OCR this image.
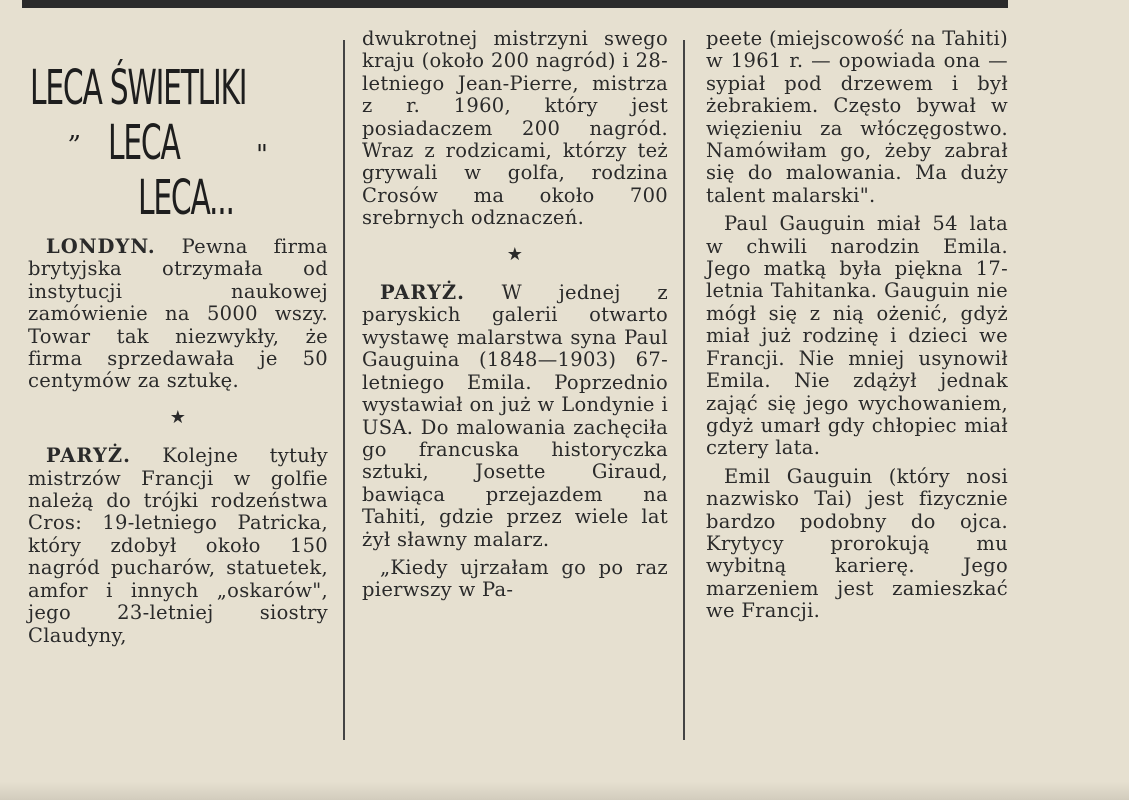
LECA ŚWIETLIKI
„ LECA	"
LECA...

LONDYN. Pewna firma brytyjska otrzymała od instytucji naukowej zamówienie na 5000 wszy. Towar tak niezwykły, że firma sprzedawała je 50 centymów za sztukę.

★

PARYŻ. Kolejne tytuły mistrzów Francji w golfie należą do trójki rodzeństwa Cros: 19-letniego Patricka, który zdobył około 150 nagród pucharów, statuetek, amfor i innych „oskarów", jego 23-letniej siostry Claudyny,

dwukrotnej mistrzyni swego kraju (około 200 nagród) i 28-letniego Jean-Pierre, mistrza z r. 1960, który jest posiadaczem 200 nagród. Wraz z rodzicami, którzy też grywali w golfa, rodzina Crosów ma około 700 srebrnych odznaczeń.

★

PARYŻ. W jednej z paryskich galerii otwarto wystawę malarstwa syna Paul Gauguina (1848—1903) 67-letniego Emila. Poprzednio wystawiał on już w Londynie i USA. Do malowania zachęciła go francuska historyczka sztuki, Josette Giraud, bawiąca przejazdem na Tahiti, gdzie przez wiele lat żył sławny malarz.

„Kiedy ujrzałam go po raz pierwszy w Pa-

peete (miejscowość na Tahiti) w 1961 r. — opowiada ona — sypiał pod drzewem i był żebrakiem. Często bywał w więzieniu za włóczęgostwo. Namówiłam go, żeby zabrał się do malowania. Ma duży talent malarski".

Paul Gauguin miał 54 lata w chwili narodzin Emila. Jego matką była piękna 17-letnia Tahitanka. Gauguin nie mógł się z nią ożenić, gdyż miał już rodzinę i dzieci we Francji. Nie mniej usynowił Emila. Nie zdążył jednak zająć się jego wychowaniem, gdyż umarł gdy chłopiec miał cztery lata.

Emil Gauguin (który nosi nazwisko Tai) jest fizycznie bardzo podobny do ojca. Krytycy prorokują mu wybitną karierę. Jego marzeniem jest zamieszkać we Francji.
